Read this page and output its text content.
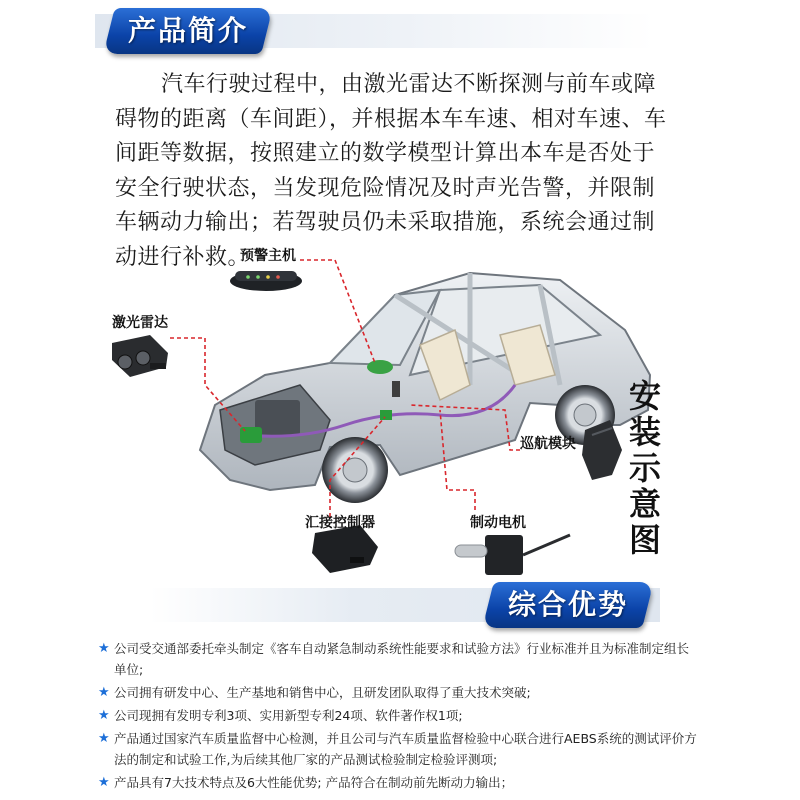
产品简介

汽车行驶过程中，由激光雷达不断探测与前车或障碍物的距离（车间距），并根据本车车速、相对车速、车间距等数据，按照建立的数学模型计算出本车是否处于安全行驶状态，当发现危险情况及时声光告警，并限制车辆动力输出；若驾驶员仍未采取措施，系统会通过制动进行补救。

预警主机
激光雷达
巡航模块
汇接控制器	制动电机
安装示意图
综合优势
★ 公司受交通部委托牵头制定《客车自动紧急制动系统性能要求和试验方法》行业标准并且为标准制定组长单位;
★ 公司拥有研发中心、生产基地和销售中心，且研发团队取得了重大技术突破;
★ 公司现拥有发明专利3项、实用新型专利24项、软件著作权1项;
★ 产品通过国家汽车质量监督中心检测，并且公司与汽车质量监督检验中心联合进行AEBS系统的测试评价方法的制定和试验工作,为后续其他厂家的产品测试检验制定检验评测项;
★ 产品具有7大技术特点及6大性能优势; 产品符合在制动前先断动力输出；
